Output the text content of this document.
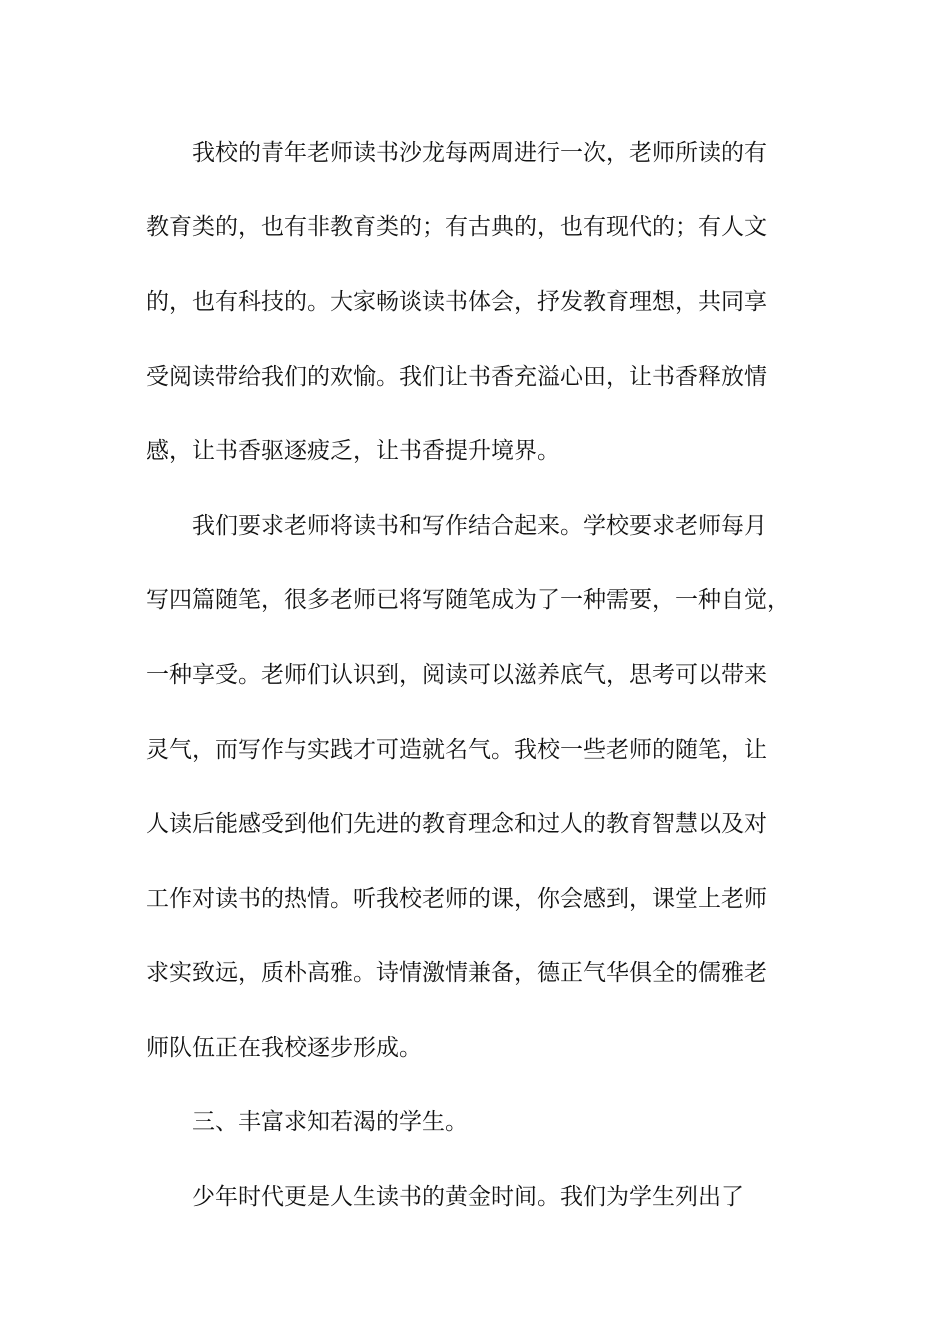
我校的青年老师读书沙龙每两周进行一次，老师所读的有
教育类的，也有非教育类的；有古典的，也有现代的；有人文
的，也有科技的。大家畅谈读书体会，抒发教育理想，共同享
受阅读带给我们的欢愉。我们让书香充溢心田，让书香释放情
感，让书香驱逐疲乏，让书香提升境界。
我们要求老师将读书和写作结合起来。学校要求老师每月
写四篇随笔，很多老师已将写随笔成为了一种需要，一种自觉，
一种享受。老师们认识到，阅读可以滋养底气，思考可以带来
灵气，而写作与实践才可造就名气。我校一些老师的随笔，让
人读后能感受到他们先进的教育理念和过人的教育智慧以及对
工作对读书的热情。听我校老师的课，你会感到，课堂上老师
求实致远，质朴高雅。诗情激情兼备，德正气华俱全的儒雅老
师队伍正在我校逐步形成。
三、丰富求知若渴的学生。
少年时代更是人生读书的黄金时间。我们为学生列出了
